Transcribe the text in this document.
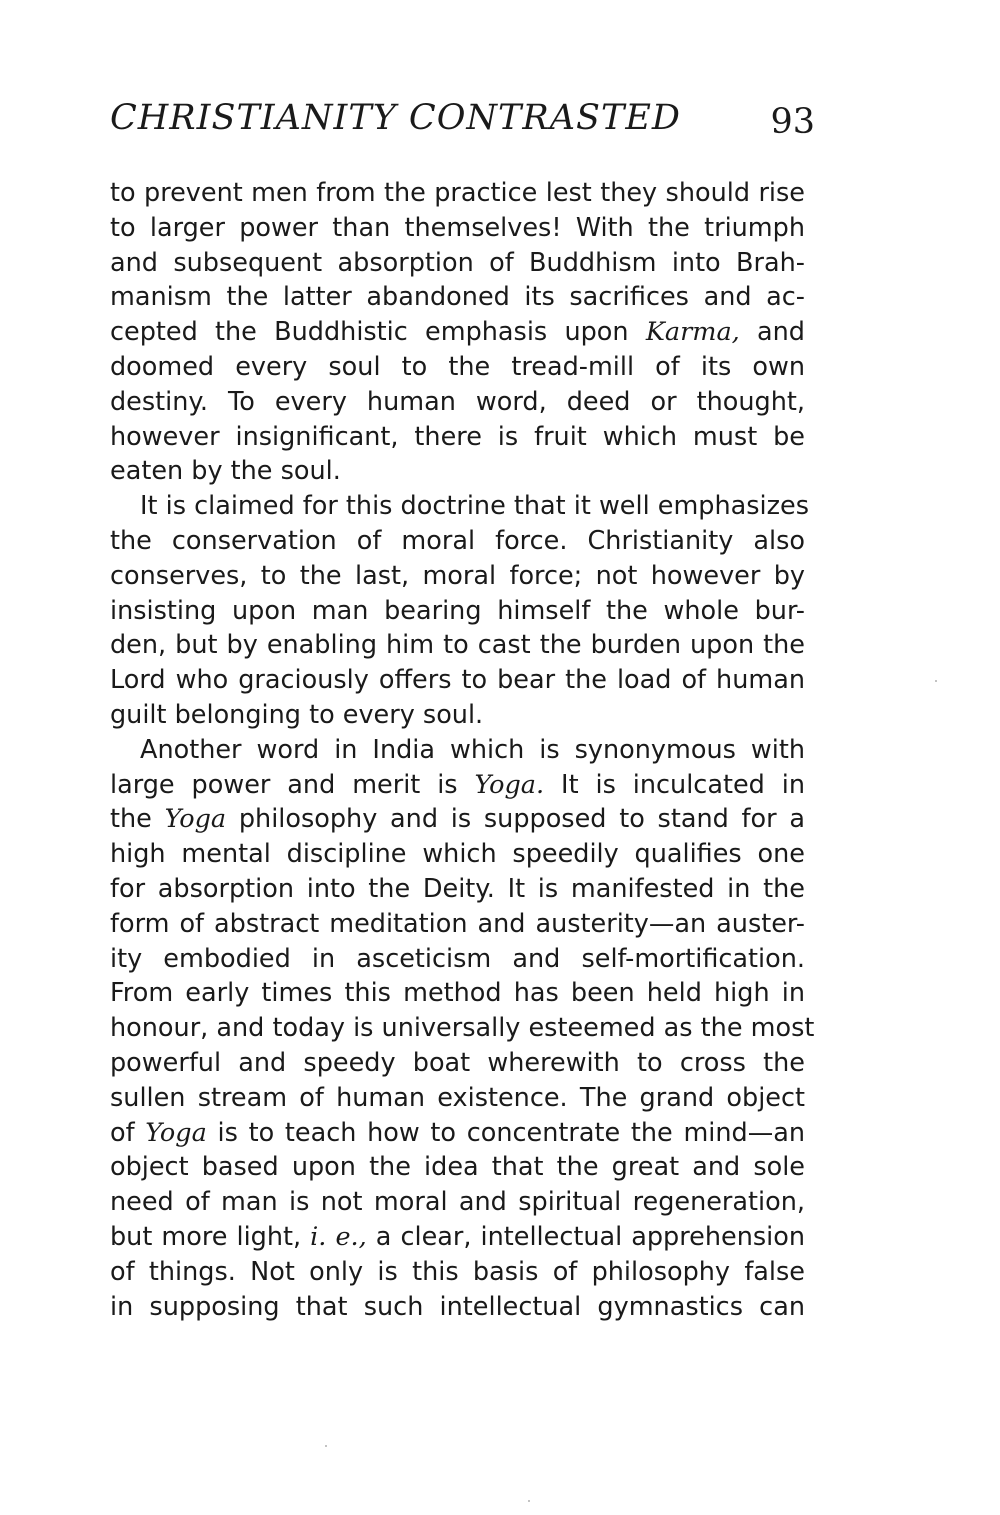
CHRISTIANITY CONTRASTED	93
to prevent men from the practice lest they should rise
to larger power than themselves! With the triumph
and subsequent absorption of Buddhism into Brah-
manism the latter abandoned its sacrifices and ac-
cepted the Buddhistic emphasis upon Karma, and
doomed every soul to the tread-mill of its own
destiny. To every human word, deed or thought,
however insignificant, there is fruit which must be
eaten by the soul.
It is claimed for this doctrine that it well emphasizes
the conservation of moral force. Christianity also
conserves, to the last, moral force; not however by
insisting upon man bearing himself the whole bur-
den, but by enabling him to cast the burden upon the
Lord who graciously offers to bear the load of human
guilt belonging to every soul.
Another word in India which is synonymous with
large power and merit is Yoga. It is inculcated in
the Yoga philosophy and is supposed to stand for a
high mental discipline which speedily qualifies one
for absorption into the Deity. It is manifested in the
form of abstract meditation and austerity—an auster-
ity embodied in asceticism and self-mortification.
From early times this method has been held high in
honour, and today is universally esteemed as the most
powerful and speedy boat wherewith to cross the
sullen stream of human existence. The grand object
of Yoga is to teach how to concentrate the mind—an
object based upon the idea that the great and sole
need of man is not moral and spiritual regeneration,
but more light, i. e., a clear, intellectual apprehension
of things. Not only is this basis of philosophy false
in supposing that such intellectual gymnastics can
